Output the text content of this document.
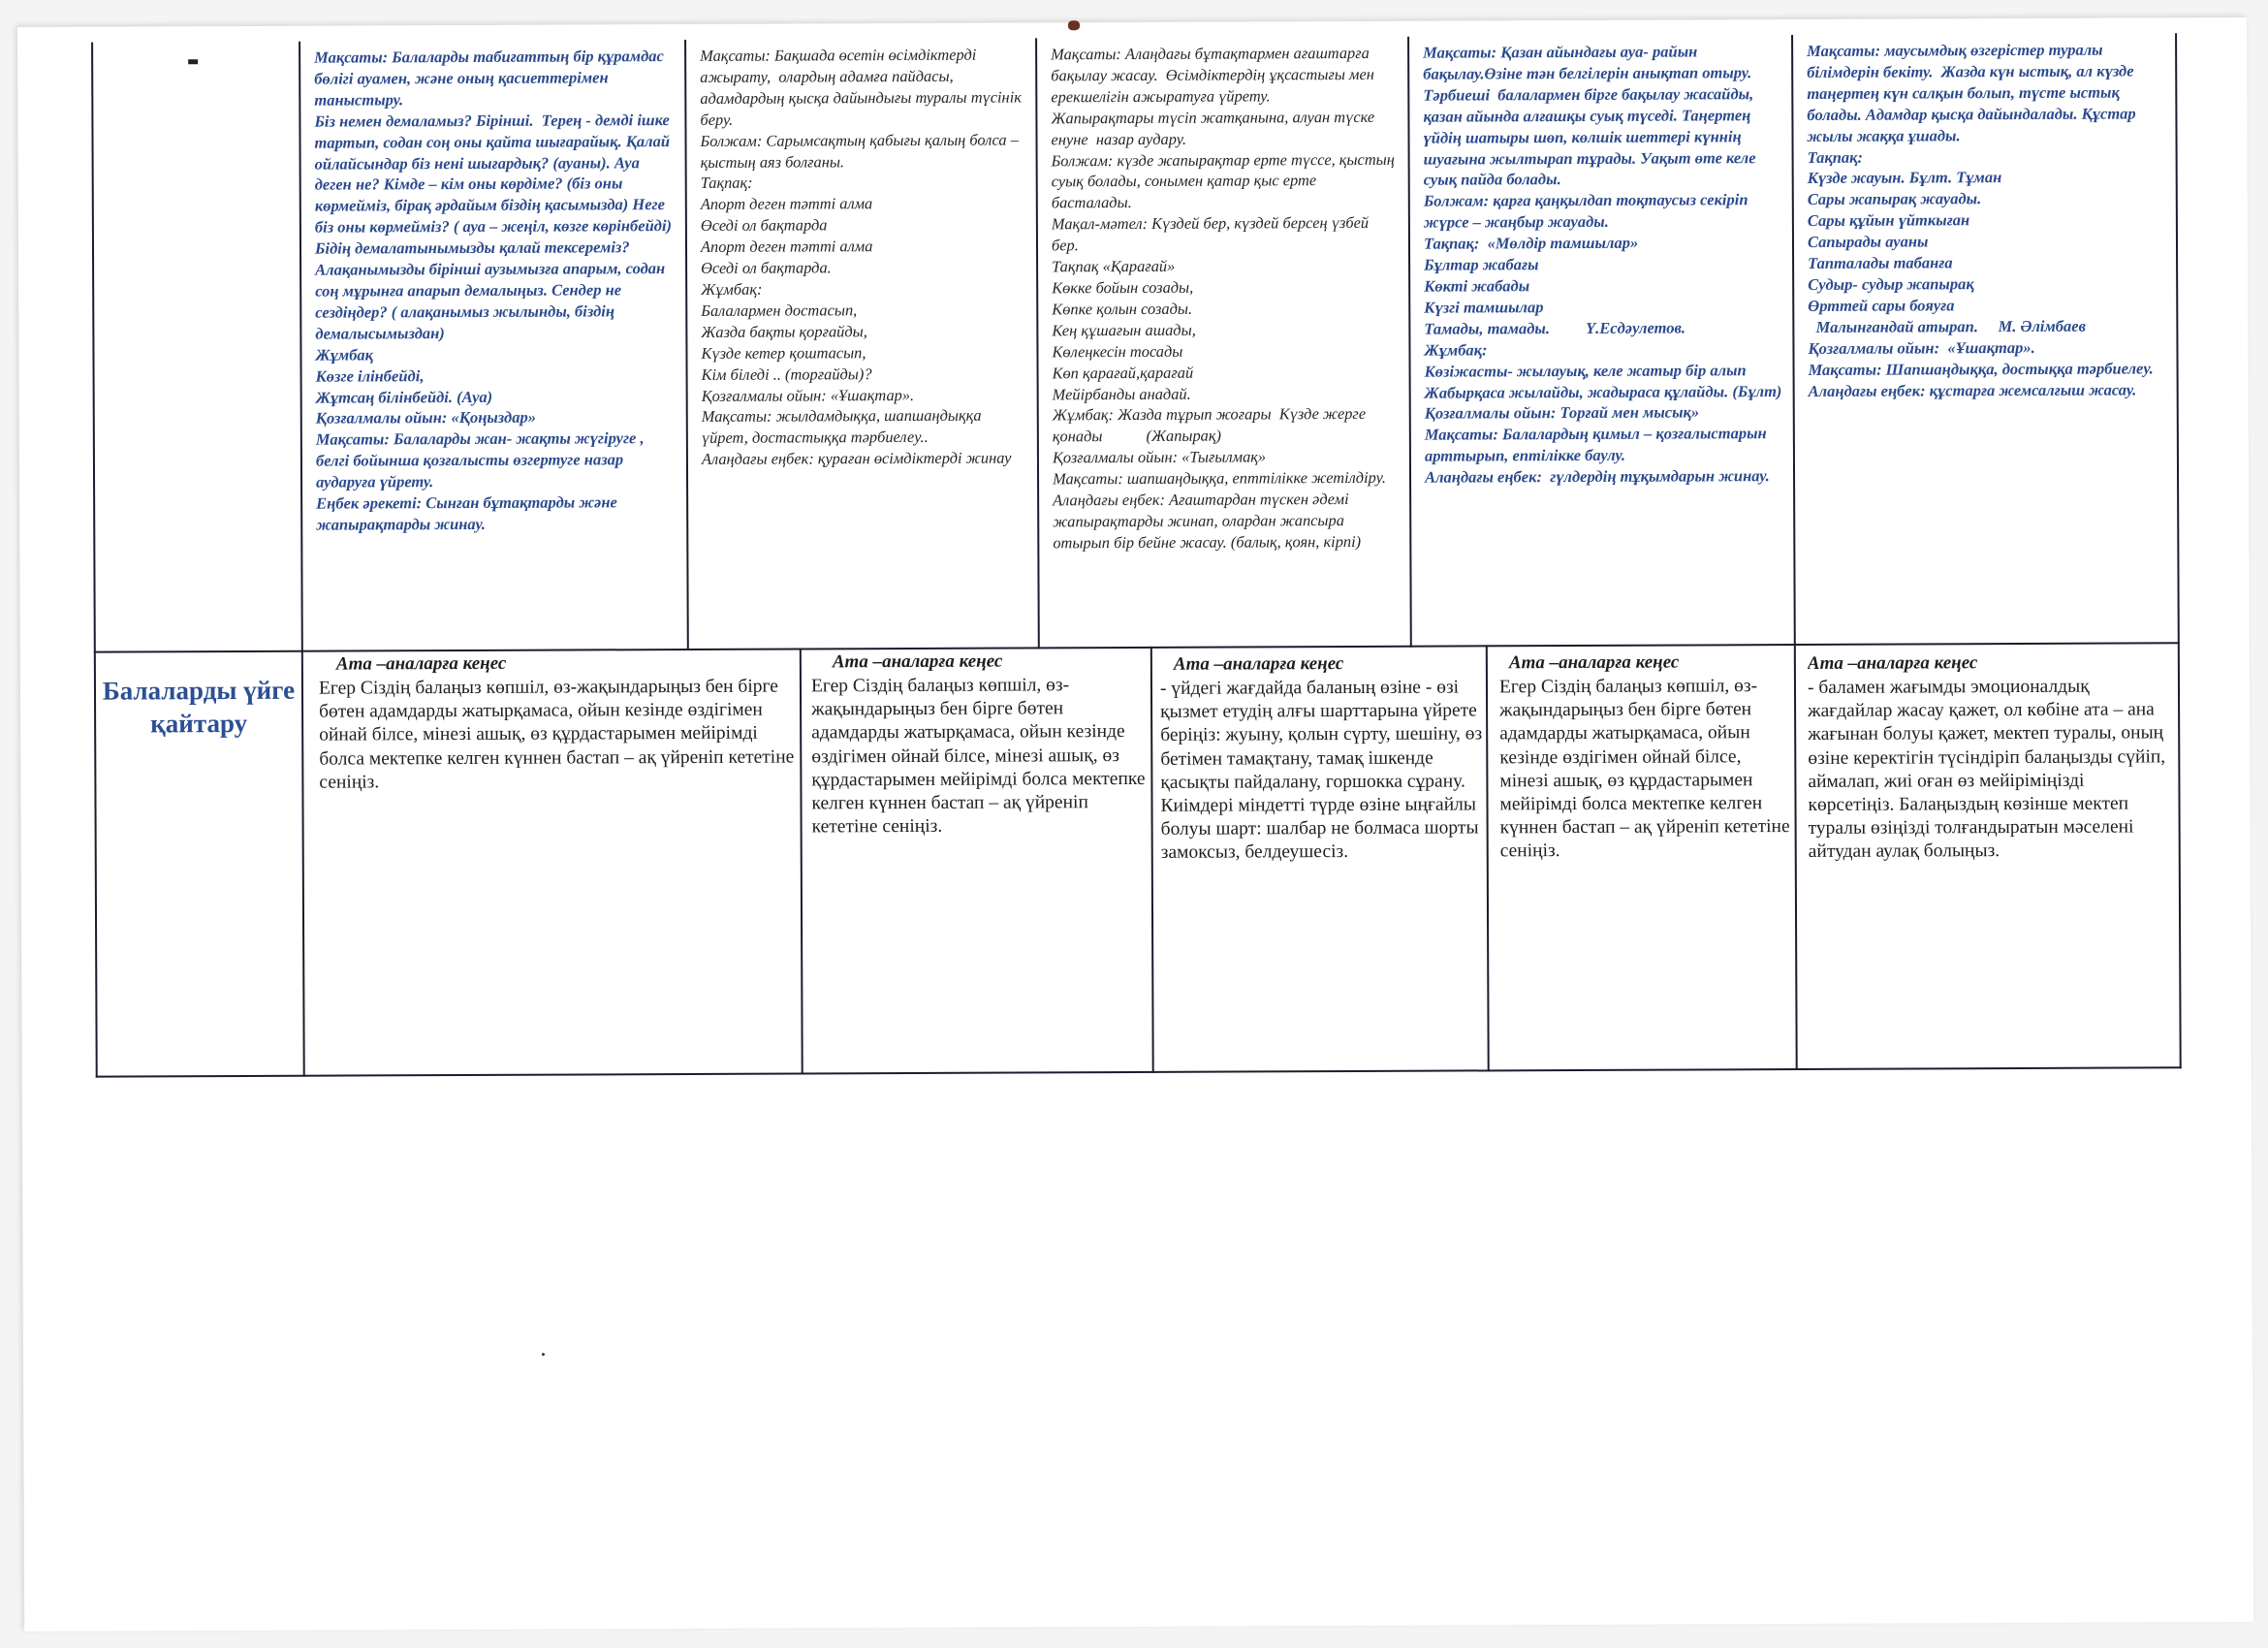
Мақсаты: Балаларды табиғаттың бір құрамдас бөлігі ауамен, және оның қасиеттерімен таныстыру.
Біз немен демаламыз? Біріншi.  Терең - демдi iшке тартып, содан соң оны қайта шығарайық. Қалай ойлайсындар бiз нені шығардық? (ауаны). Ауа деген не? Кімде – кім оны көрдiме? (біз оны көрмеймiз, бiрақ әрдайым бiздiң қасымызда) Неге біз оны көрмеймiз? ( ауа – жеңiл, көзге көрiнбейдi) Бiдiң демалатынымызды қалай тексеремiз? Алақанымызды бiрiншi аузымызға апарым, содан соң мұрынға апарып демалыңыз. Сендер не сездiңдер? ( алақанымыз жылынды, бiздiң демалысымыздан)
Жұмбақ
Көзге iлiнбейдi,
Жұтсаң бiлiнбейдi. (Ауа)
Қозғалмалы ойын: «Қоңыздар»
Мақсаты: Балаларды жан- жақты жүгiруге , белгi бойынша қозғалысты өзгертуге назар аударуға үйрету.
Еңбек әрекетi: Сынған бұтақтарды және жапырақтарды жинау.
Мақсаты: Бақшада өсетiн өсiмдiктердi ажырату,  олардың адамға пайдасы, адамдардың қысқа дайындығы туралы түсiнiк беру.
Болжам: Сарымсақтың қабығы қалың болса – қыстың аяз болғаны.
Тақпақ:
Апорт деген тәттi алма
Өседi ол бақтарда
Апорт деген тәттi алма
Өседi ол бақтарда.
Жұмбақ:
Балалармен достасып,
Жазда бақты қорғайды,
Күзде кетер қоштасып,
Кiм бiледi .. (торғайды)?
Қозғалмалы ойын: «Ұшақтар».
Мақсаты: жылдамдыққа, шапшаңдыққа үйрет, достастыққа тәрбиелеу..
Алаңдағы еңбек: қураған өсiмдiктердi жинау
Мақсаты: Алаңдағы бұтақтармен ағаштарға бақылау жасау.  Өсiмдiктердiң ұқсастығы мен ерекшелiгiн ажыратуға үйрету.
Жапырақтары түсiп жатқанына, алуан түске енуне  назар аудару.
Болжам: күзде жапырақтар ерте түссе, қыстың суық болады, сонымен қатар қыс ерте басталады.
Мақал-мәтел: Күздей бер, күздей берсең үзбей бер.
Тақпақ «Қарағай»
Көкке бойын созады,
Көпке қолын созады.
Кең құшағын ашады,
Көлеңкесiн тосады
Көп қарағай,қарағай
Мейiрбанды анадай.
Жұмбақ: Жазда тұрып жоғары  Күзде жерге қонады           (Жапырақ)
Қозғалмалы ойын: «Тығылмақ»
Мақсаты: шапшаңдыққа, епттiлiкке жетiлдiру.
Алаңдағы еңбек: Ағаштардан түскен әдемi жапырақтарды жинап, олардан жапсыра отырып бiр бейне жасау. (балық, қоян, кiрпi)
Мақсаты: Қазан айындағы ауа- райын бақылау.Өзiне тән белгiлерiн анықтап отыру.
Тәрбиешi  балалармен бiрге бақылау жасайды, қазан айында алғашқы суық түседi. Таңертең үйдiң шатыры шөп, көлшiк шеттерi күннiң шуағына жылтырап тұрады. Уақыт өте келе суық пайда болады.
Болжам: қарға қаңқылдап тоқтаусыз секiрiп жүрсе – жаңбыр жауады.
Тақпақ:  «Мөлдiр тамшылар»
Бұлтар жабағы
Көктi жабады
Күзгi тамшылар
Тамады, тамады.         Ү.Есдәулетов.
Жұмбақ:
Көзiжасты- жылауық, келе жатыр бiр алып
Жабырқаса жылайды, жадыраса құлайды. (Бұлт)
Қозғалмалы ойын: Торғай мен мысық»
Мақсаты: Балалардың қимыл – қозғалыстарын арттырып, ептiлiкке баулу.
Алаңдағы еңбек:  гүлдердiң тұқымдарын жинау.
Мақсаты: маусымдық өзгерiстер туралы бiлiмдерiн бекiту.  Жазда күн ыстық, ал күзде  таңертең күн салқын болып, түсте ыстық болады. Адамдар қысқа дайындалады. Құстар жылы жаққа ұшады.
Тақпақ:
Күзде жауын. Бұлт. Тұман
Сары жапырақ жауады.
Сары құйын үйткыған
Сапырады ауаны
Тапталады табанға
Судыр- судыр жапырақ
Өрттей сары бояуға
Малынғандай атырап.     М. Әлiмбаев
Қозғалмалы ойын:  «Ұшақтар».
Мақсаты: Шапшаңдыққа, достыққа тәрбиелеу.
Алаңдағы еңбек: құстарға жемсалғыш жасау.
Балаларды үйге қайтару

Ата –аналарға кеңес

Егер Сiздiң балаңыз көпшiл, өз-жақындарыңыз бен бiрге бөтен адамдарды жатырқамаса, ойын кезiнде өздiгiмен ойнай бiлсе, мiнезi ашық, өз құрдастарымен мейiрiмдi болса мектепке келген күннен бастап – ақ үйренiп кететiне сенiңiз.

Ата –аналарға кеңес

Егер Сiздiң балаңыз көпшiл, өз-жақындарыңыз бен бiрге бөтен адамдарды жатырқамаса, ойын кезiнде өздiгiмен ойнай бiлсе, мiнезi ашық, өз құрдастарымен мейiрiмдi болса мектепке келген күннен бастап – ақ үйренiп кететiне сенiңiз.

Ата –аналарға кеңес

- үйдегi жағдайда баланың өзiне - өзi қызмет етудiң алғы шарттарына үйрете берiңiз: жуыну, қолын сүрту, шешiну, өз бетiмен тамақтану, тамақ iшкенде қасықты пайдалану, горшокка сұрану. Киiмдерi мiндеттi түрде өзiне ыңғайлы болуы шарт: шалбар не болмаса шорты замоксыз, белдеушесiз.

Ата –аналарға кеңес

Егер Сiздiң балаңыз көпшiл, өз-жақындарыңыз бен бiрге бөтен адамдарды жатырқамаса, ойын кезiнде өздiгiмен ойнай бiлсе, мiнезi ашық, өз құрдастарымен мейiрiмдi болса мектепке келген күннен бастап – ақ үйренiп кететiне сенiңiз.

Ата –аналарға кеңес

- баламен жағымды эмоционалдық жағдайлар жасау қажет, ол көбiне ата – ана жағынан болуы қажет, мектеп туралы, оның өзiне керектiгiн түсiндiрiп балаңызды сүйiп, аймалап, жиi оған өз мейiрiмiңiздi көрсетiңiз. Балаңыздың көзiнше мектеп туралы өзiңiздi толғандыратын мәселенi айтудан аулақ болыңыз.
